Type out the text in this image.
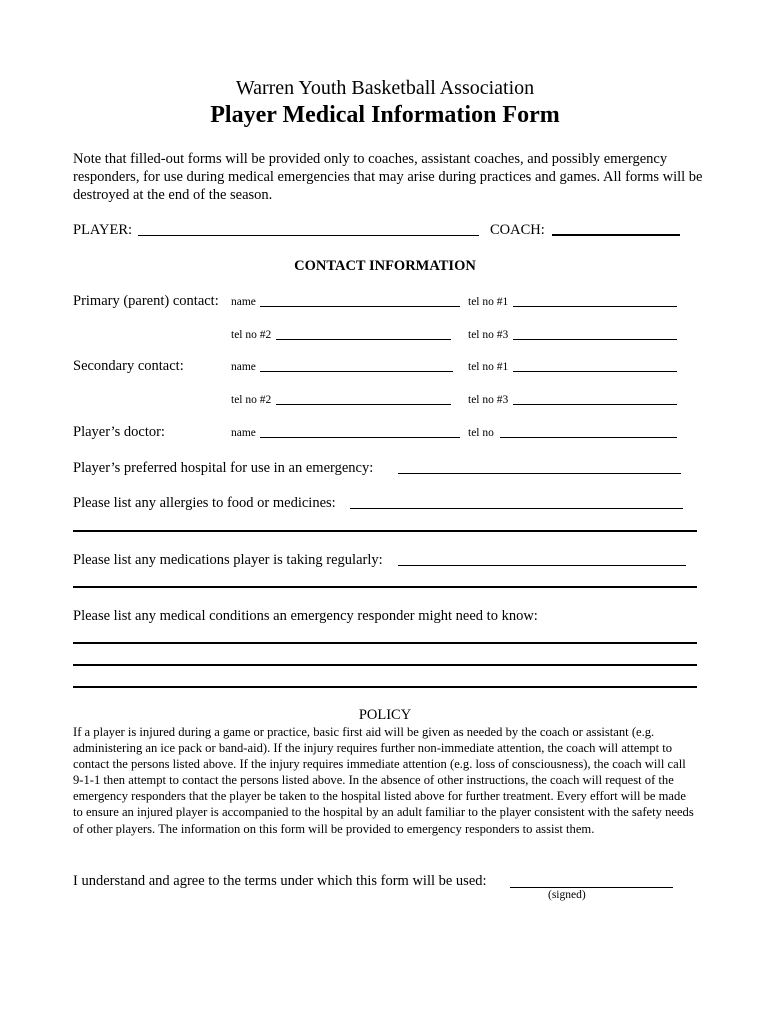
Warren Youth Basketball Association
Player Medical Information Form
Note that filled-out forms will be provided only to coaches, assistant coaches, and possibly emergency responders, for use during medical emergencies that may arise during practices and games. All forms will be destroyed at the end of the season.
PLAYER:	COACH:
CONTACT INFORMATION
Primary (parent) contact: name	tel no #1
tel no #2	tel no #3
Secondary contact:	name	tel no #1
tel no #2	tel no #3
Player’s doctor:	name	tel no
Player’s preferred hospital for use in an emergency:
Please list any allergies to food or medicines:
Please list any medications player is taking regularly:
Please list any medical conditions an emergency responder might need to know:
POLICY
If a player is injured during a game or practice, basic first aid will be given as needed by the coach or assistant (e.g. administering an ice pack or band-aid). If the injury requires further non-immediate attention, the coach will attempt to contact the persons listed above. If the injury requires immediate attention (e.g. loss of consciousness), the coach will call 9-1-1 then attempt to contact the persons listed above. In the absence of other instructions, the coach will request of the emergency responders that the player be taken to the hospital listed above for further treatment. Every effort will be made to ensure an injured player is accompanied to the hospital by an adult familiar to the player consistent with the safety needs of other players. The information on this form will be provided to emergency responders to assist them.
I understand and agree to the terms under which this form will be used:
(signed)
